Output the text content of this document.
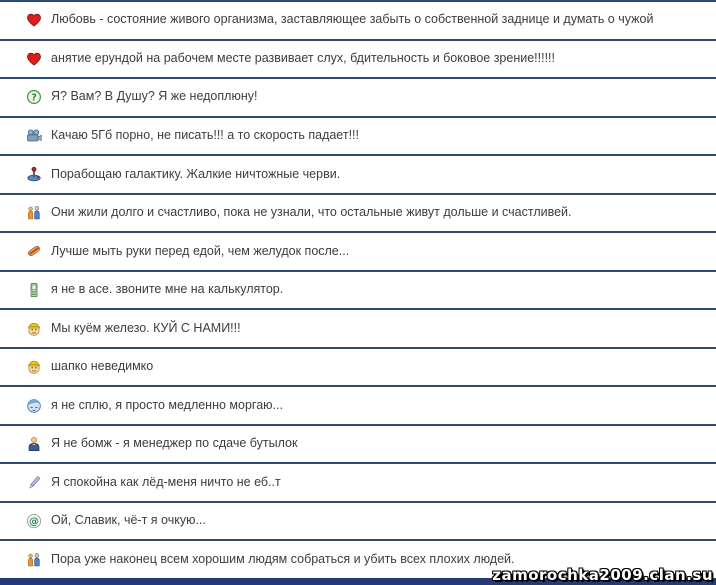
Любовь - состояние живого организма, заставляющее забыть о собственной заднице и думать о чужой
анятие ерундой на рабочем месте развивает слух, бдительность и боковое зрение!!!!!!
Я? Вам? В Душу? Я же недоплюну!
Качаю 5Гб порно, не писать!!! а то скорость падает!!!
Порабощаю галактику. Жалкие ничтожные черви.
Они жили долго и счастливо, пока не узнали, что остальные живут дольше и счастливей.
Лучше мыть руки перед едой, чем желудок после...
я не в асе. звоните мне на калькулятор.
Мы куём железо. КУЙ С НАМИ!!!
шапко неведимко
я не сплю, я просто медленно моргаю...
Я не бомж - я менеджер по сдаче бутылок
Я спокойна как лёд-меня ничто не еб..т
Ой, Славик, чё-т я очкую...
Пора уже наконец всем хорошим людям собраться и убить всех плохих людей.
zamorochka2009.clan.su
